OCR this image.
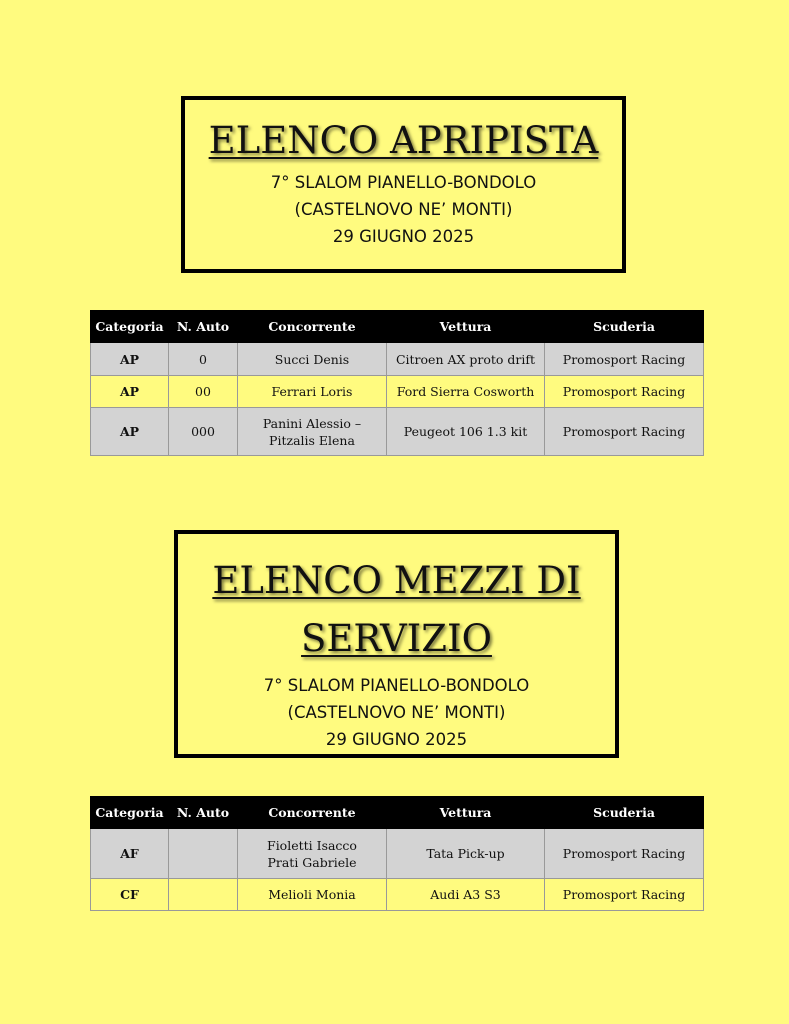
ELENCO APRIPISTA
7° SLALOM PIANELLO-BONDOLO
(CASTELNOVO NE’ MONTI)
29 GIUGNO 2025
Categoria	N. Auto	Concorrente	Vettura	Scuderia
AP	0	Succi Denis	Citroen AX proto drift	Promosport Racing
AP	00	Ferrari Loris	Ford Sierra Cosworth	Promosport Racing
AP	000	Panini Alessio –
Pitzalis Elena	Peugeot 106 1.3 kit	Promosport Racing
ELENCO MEZZI DI
SERVIZIO
7° SLALOM PIANELLO-BONDOLO
(CASTELNOVO NE’ MONTI)
29 GIUGNO 2025
Categoria	N. Auto	Concorrente	Vettura	Scuderia
AF		Fioletti Isacco
Prati Gabriele	Tata Pick-up	Promosport Racing
CF		Melioli Monia	Audi A3 S3	Promosport Racing
